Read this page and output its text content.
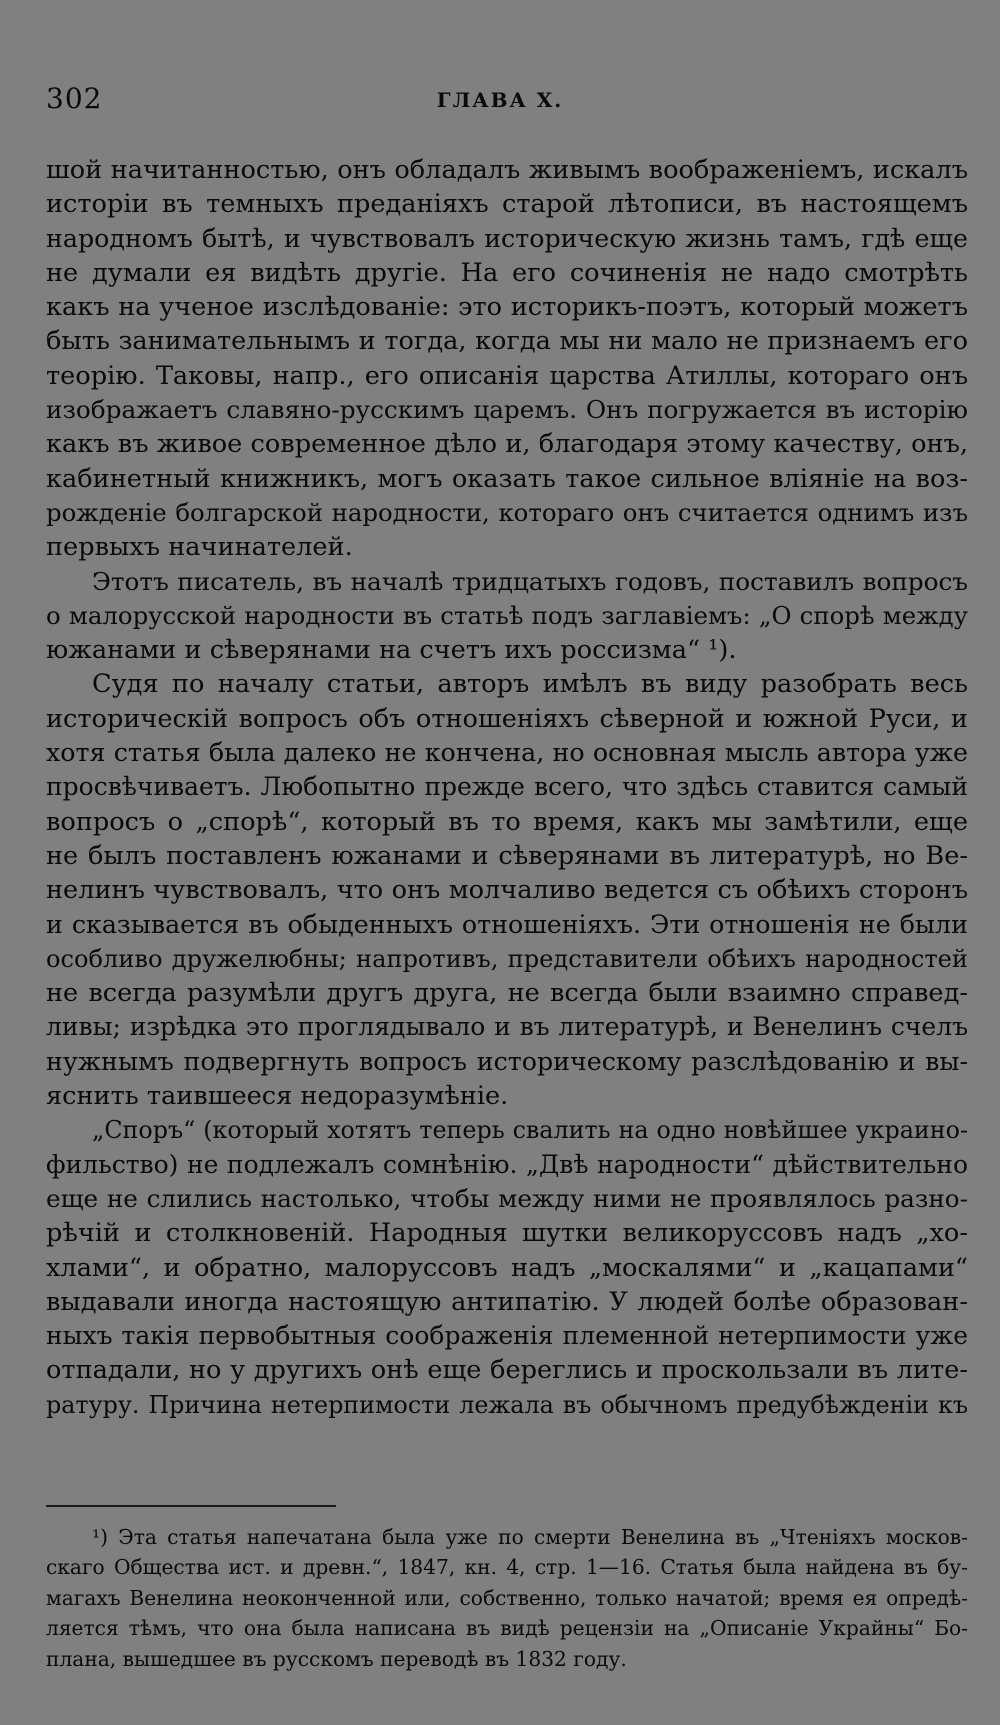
302	ГЛАВА X.
шой начитанностью, онъ обладалъ живымъ воображеніемъ, искалъ
исторіи въ темныхъ преданіяхъ старой лѣтописи, въ настоящемъ
народномъ бытѣ, и чувствовалъ историческую жизнь тамъ, гдѣ еще
не думали ея видѣть другіе. На его сочиненія не надо смотрѣть
какъ на ученое изслѣдованіе: это историкъ-поэтъ, который можетъ
быть занимательнымъ и тогда, когда мы ни мало не признаемъ его
теорію. Таковы, напр., его описанія царства Атиллы, котораго онъ
изображаетъ славяно-русскимъ царемъ. Онъ погружается въ исторію
какъ въ живое современное дѣло и, благодаря этому качеству, онъ,
кабинетный книжникъ, могъ оказать такое сильное вліяніе на воз-
рожденіе болгарской народности, котораго онъ считается однимъ изъ
первыхъ начинателей.
Этотъ писатель, въ началѣ тридцатыхъ годовъ, поставилъ вопросъ
о малорусской народности въ статьѣ подъ заглавіемъ: „О спорѣ между
южанами и сѣверянами на счетъ ихъ россизма“ ¹).
Судя по началу статьи, авторъ имѣлъ въ виду разобрать весь
историческій вопросъ объ отношеніяхъ сѣверной и южной Руси, и
хотя статья была далеко не кончена, но основная мысль автора уже
просвѣчиваетъ. Любопытно прежде всего, что здѣсь ставится самый
вопросъ о „спорѣ“, который въ то время, какъ мы замѣтили, еще
не былъ поставленъ южанами и сѣверянами въ литературѣ, но Ве-
нелинъ чувствовалъ, что онъ молчаливо ведется съ обѣихъ сторонъ
и сказывается въ обыденныхъ отношеніяхъ. Эти отношенія не были
особливо дружелюбны; напротивъ, представители обѣихъ народностей
не всегда разумѣли другъ друга, не всегда были взаимно справед-
ливы; изрѣдка это проглядывало и въ литературѣ, и Венелинъ счелъ
нужнымъ подвергнуть вопросъ историческому разслѣдованію и вы-
яснить таившееся недоразумѣніе.
„Споръ“ (который хотятъ теперь свалить на одно новѣйшее украино-
фильство) не подлежалъ сомнѣнію. „Двѣ народности“ дѣйствительно
еще не слились настолько, чтобы между ними не проявлялось разно-
рѣчій и столкновеній. Народныя шутки великоруссовъ надъ „хо-
хлами“, и обратно, малоруссовъ надъ „москалями“ и „кацапами“
выдавали иногда настоящую антипатію. У людей болѣе образован-
ныхъ такія первобытныя соображенія племенной нетерпимости уже
отпадали, но у другихъ онѣ еще берeглись и проскользали въ лите-
ратуру. Причина нетерпимости лежала въ обычномъ предубѣжденіи къ
¹) Эта статья напечатана была уже по смерти Венелина въ „Чтеніяхъ москов-
скаго Общества ист. и древн.“, 1847, кн. 4, стр. 1—16. Статья была найдена въ бу-
магахъ Венелина неоконченной или, собственно, только начатой; время ея опредѣ-
ляется тѣмъ, что она была написана въ видѣ рецензіи на „Описаніе Украйны“ Бо-
плана, вышедшее въ русскомъ переводѣ въ 1832 году.
